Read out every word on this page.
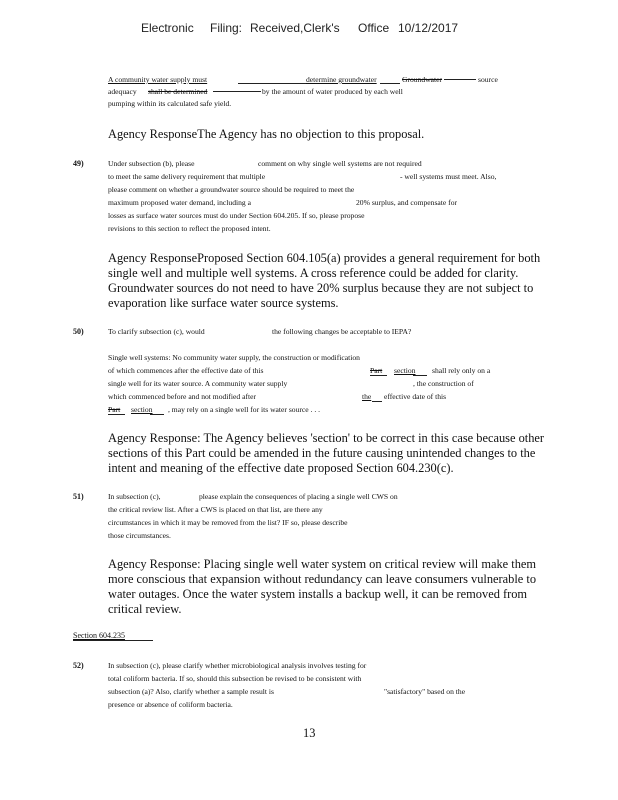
Electronic Filing: Received,Clerk's Office 10/12/2017
A community water supply must	determine groundwater	Groundwater	source
adequacy shall be determined	by the amount of water produced by each well
pumping within its calculated safe yield.
Agency ResponseThe Agency has no objection to this proposal.
49)	Under subsection (b), please	comment on why single well systems are not required
to meet the same delivery requirement that multiple	- well systems must meet. Also,
please comment on whether a groundwater source should be required to meet the
maximum proposed water demand, including a	20% surplus, and compensate for
losses as surface water sources must do under Section 604.205. If so, please propose
revisions to this section to reflect the proposed intent.
Agency ResponseProposed Section 604.105(a) provides a general requirement for both
single well and multiple well systems. A cross reference could be added for clarity.
Groundwater sources do not need to have 20% surplus because they are not subject to
evaporation like surface water source systems.
50)	To clarify subsection (c), would	the following changes be acceptable to IEPA?
Single well systems: No community water supply, the construction or modification
of which commences after the effective date of this	Part section shall rely only on a
single well for its water source. A community water supply	, the construction of
which commenced before and not modified after	the effective date of this
Part section , may rely on a single well for its water source . . .
Agency Response: The Agency believes 'section' to be correct in this case because other
sections of this Part could be amended in the future causing unintended changes to the
intent and meaning of the effective date proposed Section 604.230(c).
51)	In subsection (c),	please explain the consequences of placing a single well CWS on
the critical review list. After a CWS is placed on that list, are there any
circumstances in which it may be removed from the list? IF so, please describe
those circumstances.
Agency Response: Placing single well water system on critical review will make them
more conscious that expansion without redundancy can leave consumers vulnerable to
water outages. Once the water system installs a backup well, it can be removed from
critical review.
Section 604.235
52)	In subsection (c), please clarify whether microbiological analysis involves testing for
total coliform bacteria. If so, should this subsection be revised to be consistent with
subsection (a)? Also, clarify whether a sample result is	"satisfactory" based on the
presence or absence of coliform bacteria.
13
